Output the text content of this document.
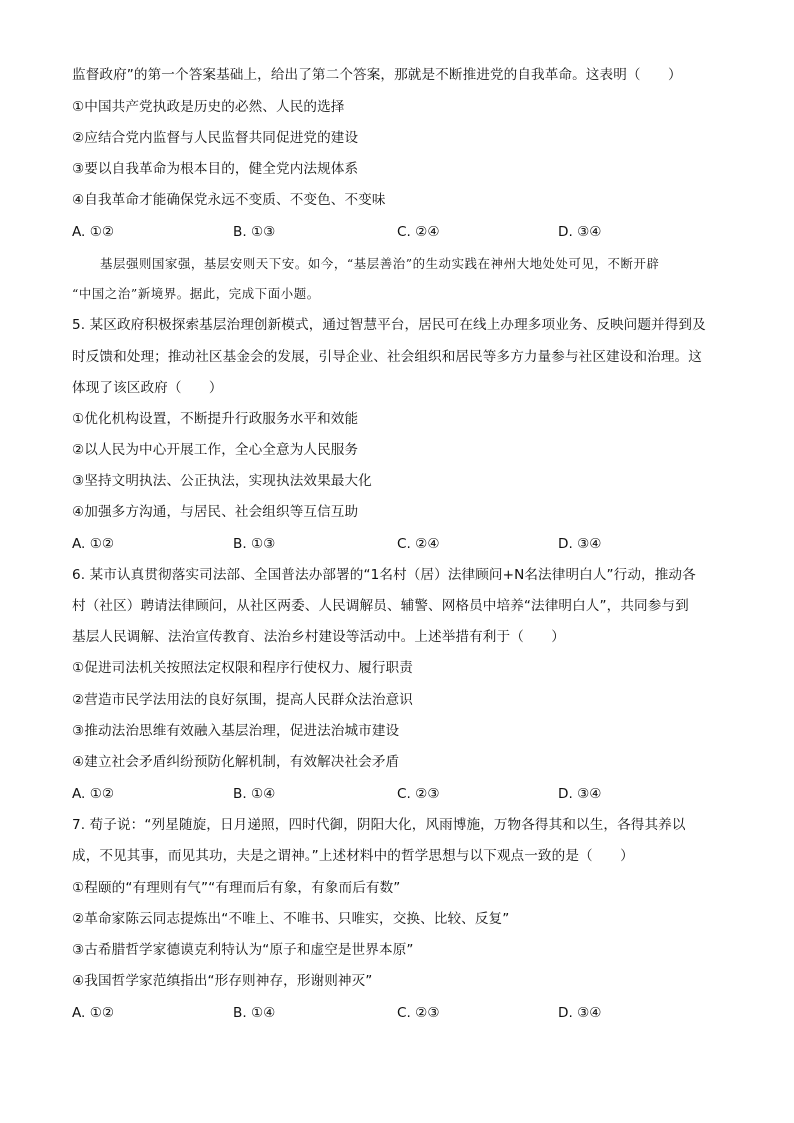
监督政府”的第一个答案基础上，给出了第二个答案，那就是不断推进党的自我革命。这表明（　　）
①中国共产党执政是历史的必然、人民的选择
②应结合党内监督与人民监督共同促进党的建设
③要以自我革命为根本目的，健全党内法规体系
④自我革命才能确保党永远不变质、不变色、不变味
A. ①②	B. ①③	C. ②④	D. ③④
基层强则国家强，基层安则天下安。如今，“基层善治”的生动实践在神州大地处处可见，不断开辟
“中国之治”新境界。据此，完成下面小题。
5. 某区政府积极探索基层治理创新模式，通过智慧平台，居民可在线上办理多项业务、反映问题并得到及
时反馈和处理；推动社区基金会的发展，引导企业、社会组织和居民等多方力量参与社区建设和治理。这
体现了该区政府（　　）
①优化机构设置，不断提升行政服务水平和效能
②以人民为中心开展工作，全心全意为人民服务
③坚持文明执法、公正执法，实现执法效果最大化
④加强多方沟通，与居民、社会组织等互信互助
A. ①②	B. ①③	C. ②④	D. ③④
6. 某市认真贯彻落实司法部、全国普法办部署的“1名村（居）法律顾问+N名法律明白人”行动，推动各
村（社区）聘请法律顾问，从社区两委、人民调解员、辅警、网格员中培养“法律明白人”，共同参与到
基层人民调解、法治宣传教育、法治乡村建设等活动中。上述举措有利于（　　）
①促进司法机关按照法定权限和程序行使权力、履行职责
②营造市民学法用法的良好氛围，提高人民群众法治意识
③推动法治思维有效融入基层治理，促进法治城市建设
④建立社会矛盾纠纷预防化解机制，有效解决社会矛盾
A. ①②	B. ①④	C. ②③	D. ③④
7. 荀子说：“列星随旋，日月递照，四时代御，阴阳大化，风雨博施，万物各得其和以生，各得其养以
成，不见其事，而见其功，夫是之谓神。”上述材料中的哲学思想与以下观点一致的是（　　）
①程颐的“有理则有气”“有理而后有象，有象而后有数”
②革命家陈云同志提炼出“不唯上、不唯书、只唯实，交换、比较、反复”
③古希腊哲学家德谟克利特认为“原子和虚空是世界本原”
④我国哲学家范缜指出“形存则神存，形谢则神灭”
A. ①②	B. ①④	C. ②③	D. ③④
